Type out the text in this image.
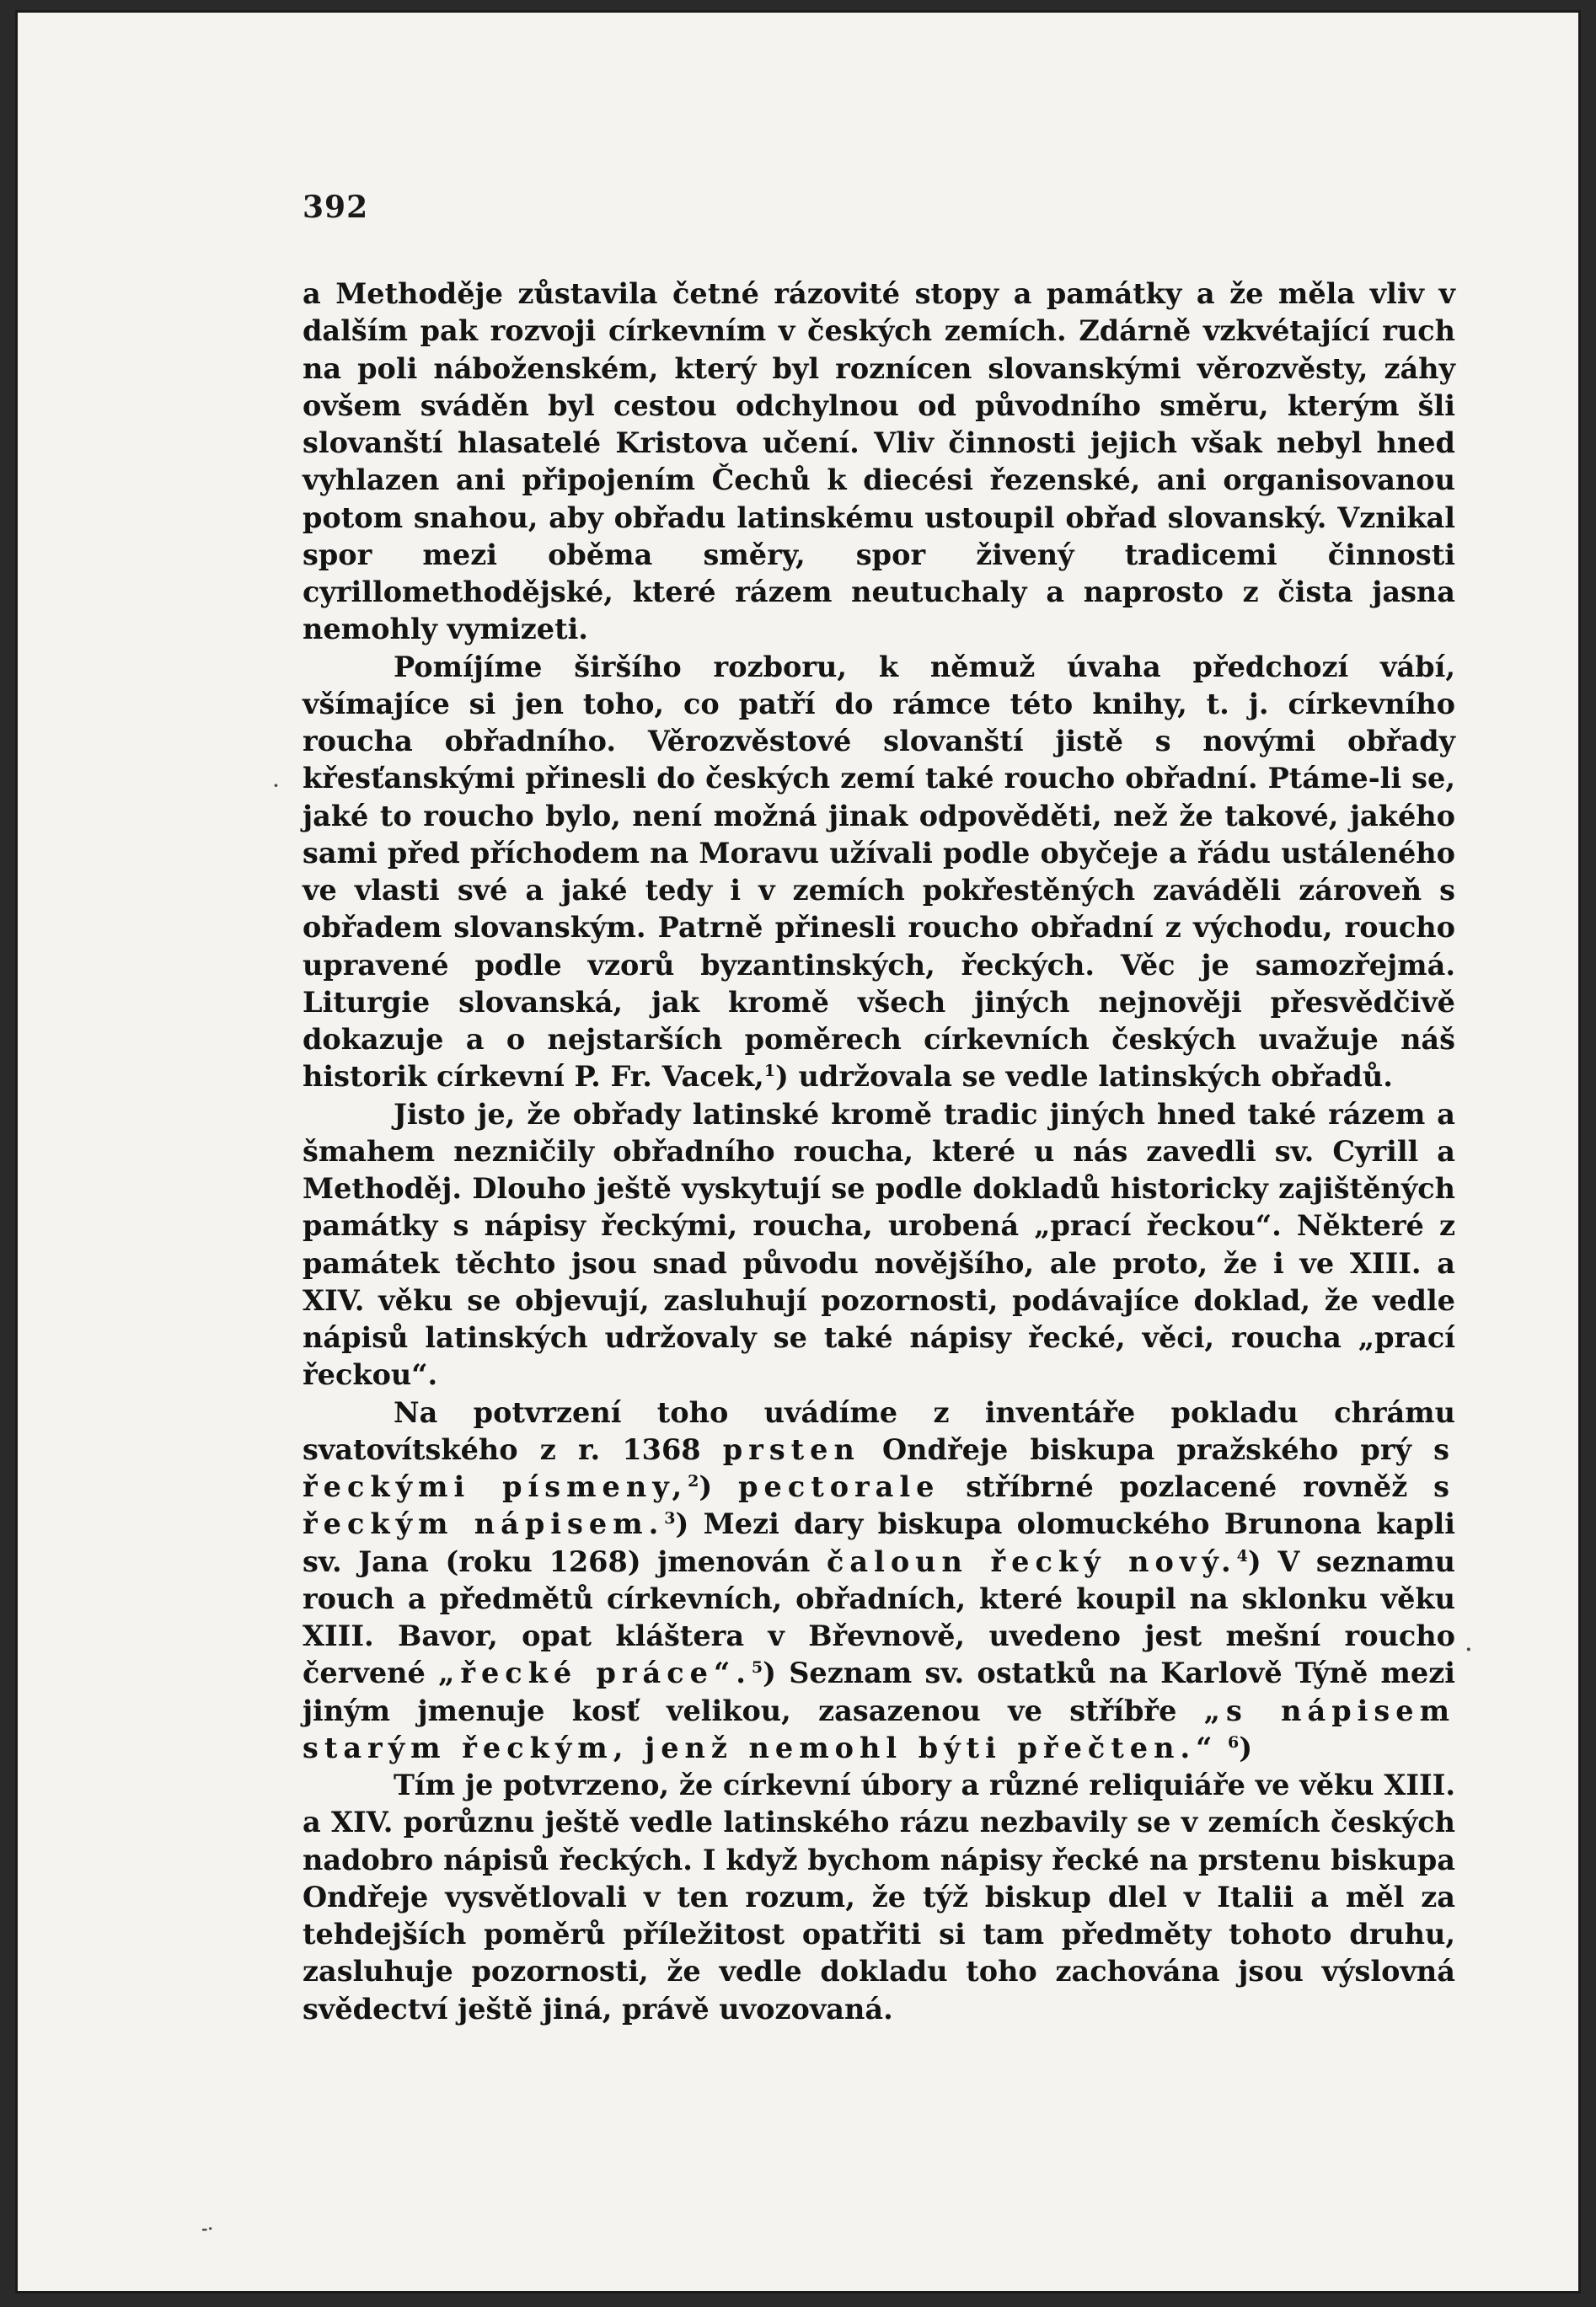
392

a Methoděje zůstavila četné rázovité stopy a památky a že měla vliv v dalším pak rozvoji církevním v českých zemích. Zdárně vzkvétající ruch na poli náboženském, který byl roznícen slovanskými věrozvěsty, záhy ovšem sváděn byl cestou odchylnou od původního směru, kterým šli slovanští hlasatelé Kristova učení. Vliv činnosti jejich však nebyl hned vyhlazen ani připojením Čechů k diecési řezenské, ani organisovanou potom snahou, aby obřadu latinskému ustoupil obřad slovanský. Vznikal spor mezi oběma směry, spor živený tradicemi činnosti cyrillomethodějské, které rázem neutuchaly a naprosto z čista jasna nemohly vymizeti.

Pomíjíme širšího rozboru, k němuž úvaha předchozí vábí, všímajíce si jen toho, co patří do rámce této knihy, t. j. církevního roucha obřadního. Věrozvěstové slovanští jistě s novými obřady křesťanskými přinesli do českých zemí také roucho obřadní. Ptáme-li se, jaké to roucho bylo, není možná jinak odpověděti, než že takové, jakého sami před příchodem na Moravu užívali podle obyčeje a řádu ustáleného ve vlasti své a jaké tedy i v zemích pokřestěných zaváděli zároveň s obřadem slovanským. Patrně přinesli roucho obřadní z východu, roucho upravené podle vzorů byzantinských, řeckých. Věc je samozřejmá. Liturgie slovanská, jak kromě všech jiných nejnověji přesvědčivě dokazuje a o nejstarších poměrech církevních českých uvažuje náš historik církevní P. Fr. Vacek,$^1$) udržovala se vedle latinských obřadů.

Jisto je, že obřady latinské kromě tradic jiných hned také rázem a šmahem nezničily obřadního roucha, které u nás zavedli sv. Cyrill a Methoděj. Dlouho ještě vyskytují se podle dokladů historicky zajištěných památky s nápisy řeckými, roucha, urobená „prací řeckou“. Některé z památek těchto jsou snad původu novějšího, ale proto, že i ve XIII. a XIV. věku se objevují, zasluhují pozornosti, podávajíce doklad, že vedle nápisů latinských udržovaly se také nápisy řecké, věci, roucha „prací řeckou“.

Na potvrzení toho uvádíme z inventáře pokladu chrámu svatovítského z r. 1368 prsten Ondřeje biskupa pražského prý s řeckými písmeny,$^2$) pectorale stříbrné pozlacené rovněž s řeckým nápisem.$^3$) Mezi dary biskupa olomuckého Brunona kapli sv. Jana (roku 1268) jmenován čaloun řecký nový.$^4$) V seznamu rouch a předmětů církevních, obřadních, které koupil na sklonku věku XIII. Bavor, opat kláštera v Břevnově, uvedeno jest mešní roucho červené „řecké práce“.$^5$) Seznam sv. ostatků na Karlově Týně mezi jiným jmenuje kosť velikou, zasazenou ve stříbře „s nápisem starým řeckým, jenž nemohl býti přečten.“ $^6$)

Tím je potvrzeno, že církevní úbory a různé reliquiáře ve věku XIII. a XIV. porůznu ještě vedle latinského rázu nezbavily se v zemích českých nadobro nápisů řeckých. I když bychom nápisy řecké na prstenu biskupa Ondřeje vysvětlovali v ten rozum, že týž biskup dlel v Italii a měl za tehdejších poměrů příležitost opatřiti si tam předměty tohoto druhu, zasluhuje pozornosti, že vedle dokladu toho zachována jsou výslovná svědectví ještě jiná, právě uvozovaná.

·
·
-·
